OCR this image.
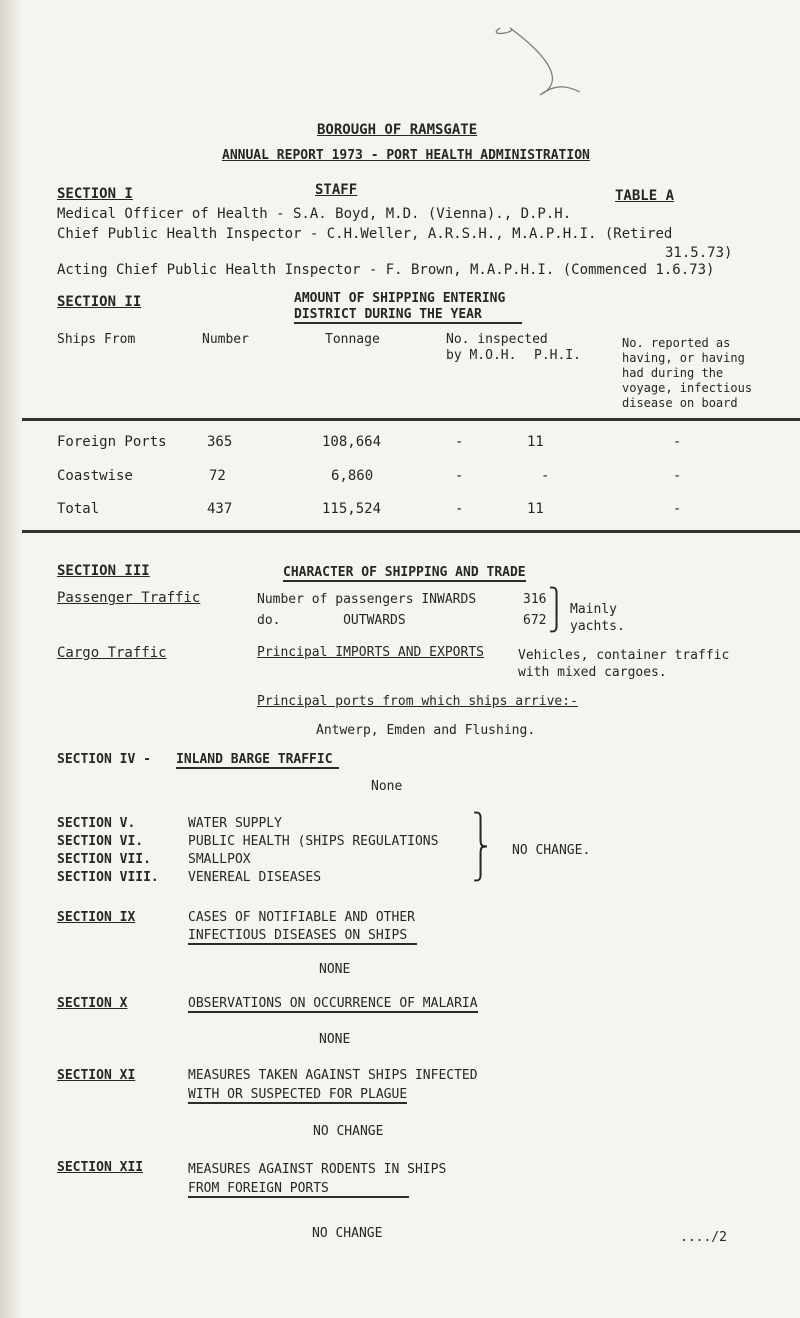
BOROUGH OF RAMSGATE
ANNUAL REPORT 1973 - PORT HEALTH ADMINISTRATION
SECTION I	STAFF	TABLE A
Medical Officer of Health - S.A. Boyd, M.D. (Vienna)., D.P.H.
Chief Public Health Inspector - C.H.Weller, A.R.S.H., M.A.P.H.I. (Retired
31.5.73)
Acting Chief Public Health Inspector - F. Brown, M.A.P.H.I. (Commenced 1.6.73)
SECTION II	AMOUNT OF SHIPPING ENTERING
DISTRICT DURING THE YEAR
Ships From	Number	Tonnage	No. inspected
by M.O.H. P.H.I.
No. reported as
having, or having
had during the
voyage, infectious
disease on board
Foreign Ports	365	108,664	-	11	-
Coastwise	72	6,860	-	-	-
Total	437	115,524	-	11	-
SECTION III	CHARACTER OF SHIPPING AND TRADE
Passenger Traffic	Number of passengers INWARDS	316
do.        OUTWARDS	672
⎫
⎭ Mainly
yachts.
Cargo Traffic	Principal IMPORTS AND EXPORTS	Vehicles, container traffic
with mixed cargoes.
Principal ports from which ships arrive:-
Antwerp, Emden and Flushing.
SECTION IV - INLAND BARGE TRAFFIC
None
SECTION V.	WATER SUPPLY
SECTION VI.	PUBLIC HEALTH (SHIPS REGULATIONS
SECTION VII.	SMALLPOX
SECTION VIII. VENEREAL DISEASES
⎫
⎬
⎭
NO CHANGE.
SECTION IX	CASES OF NOTIFIABLE AND OTHER
INFECTIOUS DISEASES ON SHIPS
NONE
SECTION X	OBSERVATIONS ON OCCURRENCE OF MALARIA
NONE
SECTION XI	MEASURES TAKEN AGAINST SHIPS INFECTED
WITH OR SUSPECTED FOR PLAGUE
NO CHANGE
SECTION XII	MEASURES AGAINST RODENTS IN SHIPS
FROM FOREIGN PORTS
NO CHANGE	..../2
